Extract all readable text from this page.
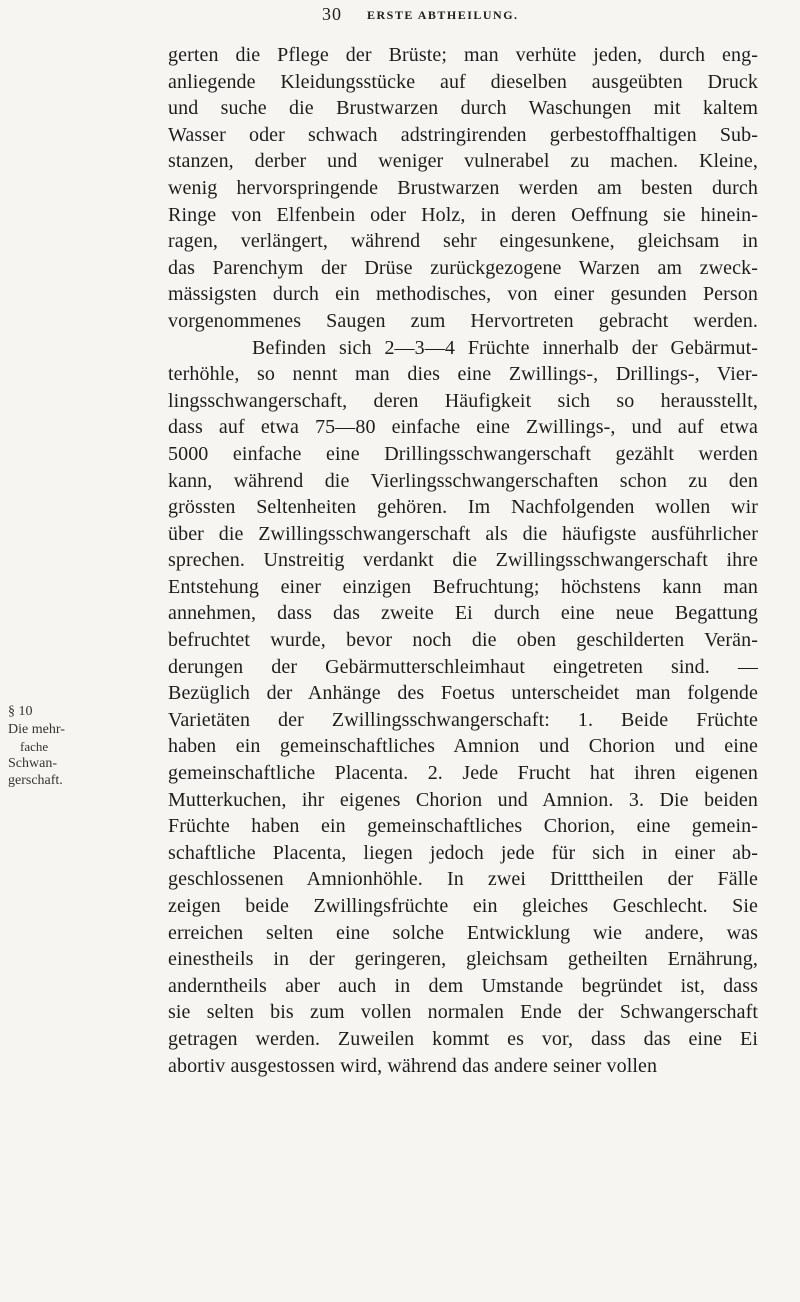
30 ERSTE ABTHEILUNG.
§ 10
Die mehr-
fache
Schwan-
gerschaft.
gerten die Pflege der Brüste; man verhüte jeden, durch eng-
anliegende Kleidungsstücke auf dieselben ausgeübten Druck
und suche die Brustwarzen durch Waschungen mit kaltem
Wasser oder schwach adstringirenden gerbestoffhaltigen Sub-
stanzen, derber und weniger vulnerabel zu machen. Kleine,
wenig hervorspringende Brustwarzen werden am besten durch
Ringe von Elfenbein oder Holz, in deren Oeffnung sie hinein-
ragen, verlängert, während sehr eingesunkene, gleichsam in
das Parenchym der Drüse zurückgezogene Warzen am zweck-
mässigsten durch ein methodisches, von einer gesunden Person
vorgenommenes Saugen zum Hervortreten gebracht werden.
Befinden sich 2—3—4 Früchte innerhalb der Gebärmut-
terhöhle, so nennt man dies eine Zwillings-, Drillings-, Vier-
lingsschwangerschaft, deren Häufigkeit sich so herausstellt,
dass auf etwa 75—80 einfache eine Zwillings-, und auf etwa
5000 einfache eine Drillingsschwangerschaft gezählt werden
kann, während die Vierlingsschwangerschaften schon zu den
grössten Seltenheiten gehören. Im Nachfolgenden wollen wir
über die Zwillingsschwangerschaft als die häufigste ausführlicher
sprechen. Unstreitig verdankt die Zwillingsschwangerschaft ihre
Entstehung einer einzigen Befruchtung; höchstens kann man
annehmen, dass das zweite Ei durch eine neue Begattung
befruchtet wurde, bevor noch die oben geschilderten Verän-
derungen der Gebärmutterschleimhaut eingetreten sind. —
Bezüglich der Anhänge des Foetus unterscheidet man folgende
Varietäten der Zwillingsschwangerschaft: 1. Beide Früchte
haben ein gemeinschaftliches Amnion und Chorion und eine
gemeinschaftliche Placenta. 2. Jede Frucht hat ihren eigenen
Mutterkuchen, ihr eigenes Chorion und Amnion. 3. Die beiden
Früchte haben ein gemeinschaftliches Chorion, eine gemein-
schaftliche Placenta, liegen jedoch jede für sich in einer ab-
geschlossenen Amnionhöhle. In zwei Dritttheilen der Fälle
zeigen beide Zwillingsfrüchte ein gleiches Geschlecht. Sie
erreichen selten eine solche Entwicklung wie andere, was
einestheils in der geringeren, gleichsam getheilten Ernährung,
anderntheils aber auch in dem Umstande begründet ist, dass
sie selten bis zum vollen normalen Ende der Schwangerschaft
getragen werden. Zuweilen kommt es vor, dass das eine Ei
abortiv ausgestossen wird, während das andere seiner vollen
